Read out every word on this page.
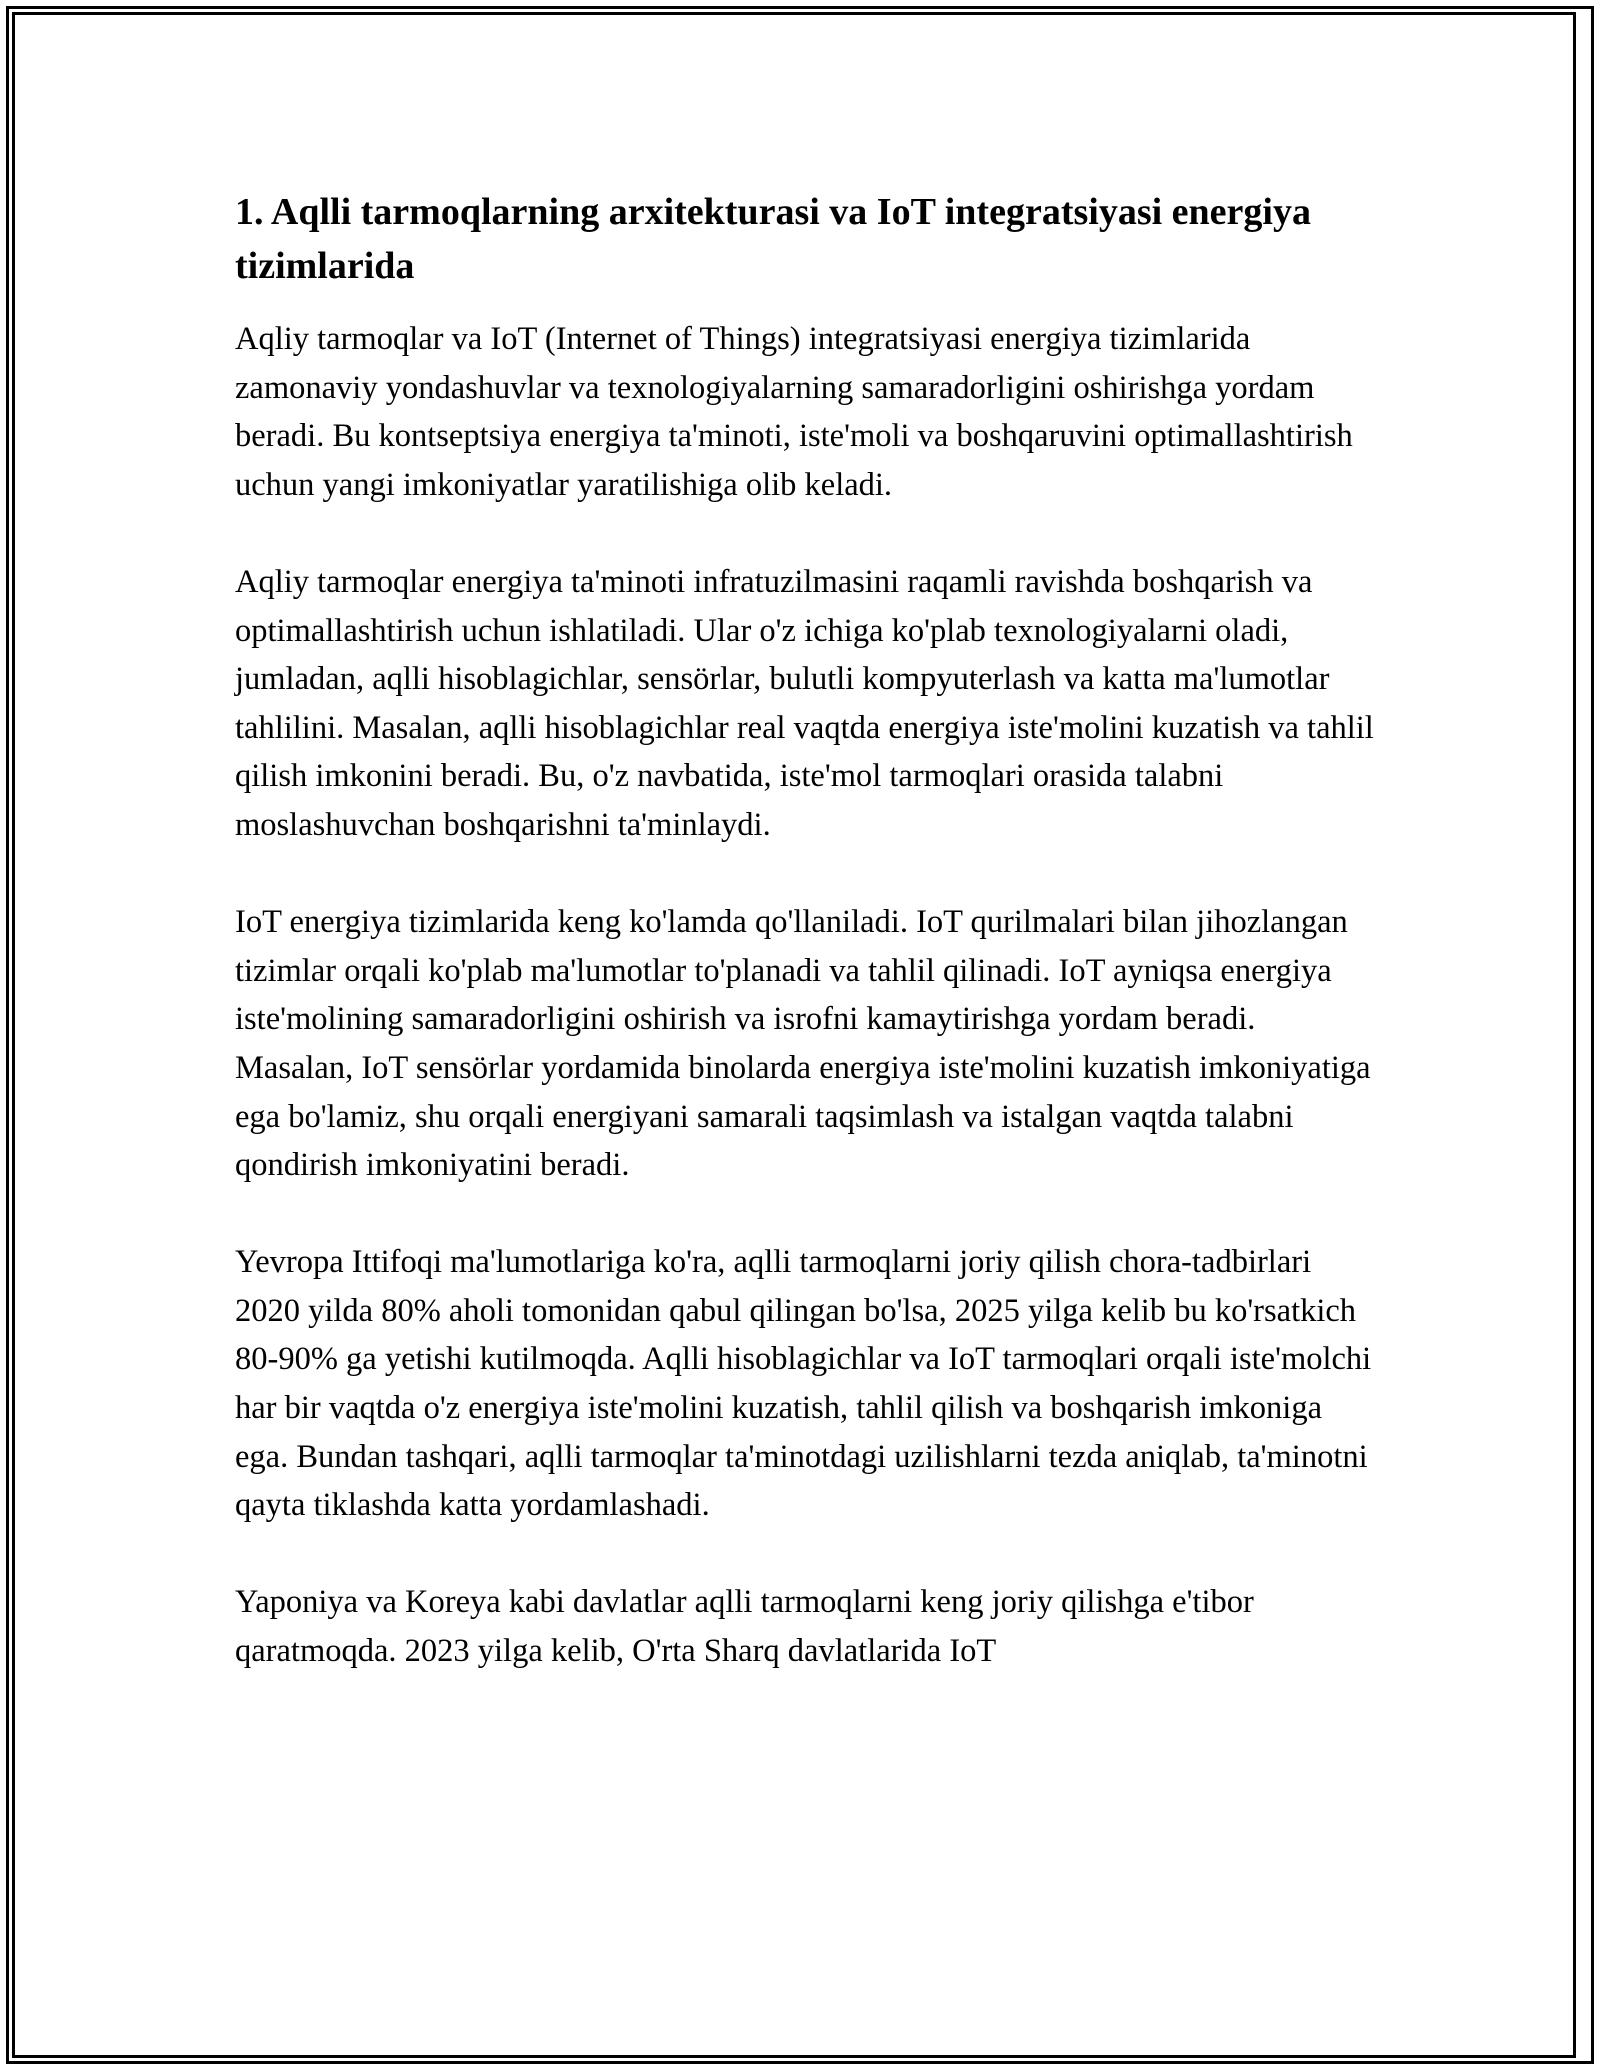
1. Aqlli tarmoqlarning arxitekturasi va IoT integratsiyasi energiya tizimlarida

Aqliy tarmoqlar va IoT (Internet of Things) integratsiyasi energiya tizimlarida zamonaviy yondashuvlar va texnologiyalarning samaradorligini oshirishga yordam beradi. Bu kontseptsiya energiya ta'minoti, iste'moli va boshqaruvini optimallashtirish uchun yangi imkoniyatlar yaratilishiga olib keladi.

Aqliy tarmoqlar energiya ta'minoti infratuzilmasini raqamli ravishda boshqarish va optimallashtirish uchun ishlatiladi. Ular o'z ichiga ko'plab texnologiyalarni oladi, jumladan, aqlli hisoblagichlar, sensörlar, bulutli kompyuterlash va katta ma'lumotlar tahlilini. Masalan, aqlli hisoblagichlar real vaqtda energiya iste'molini kuzatish va tahlil qilish imkonini beradi. Bu, o'z navbatida, iste'mol tarmoqlari orasida talabni moslashuvchan boshqarishni ta'minlaydi.

IoT energiya tizimlarida keng ko'lamda qo'llaniladi. IoT qurilmalari bilan jihozlangan tizimlar orqali ko'plab ma'lumotlar to'planadi va tahlil qilinadi. IoT ayniqsa energiya iste'molining samaradorligini oshirish va isrofni kamaytirishga yordam beradi. Masalan, IoT sensörlar yordamida binolarda energiya iste'molini kuzatish imkoniyatiga ega bo'lamiz, shu orqali energiyani samarali taqsimlash va istalgan vaqtda talabni qondirish imkoniyatini beradi.

Yevropa Ittifoqi ma'lumotlariga ko'ra, aqlli tarmoqlarni joriy qilish chora-tadbirlari 2020 yilda 80% aholi tomonidan qabul qilingan bo'lsa, 2025 yilga kelib bu ko'rsatkich 80-90% ga yetishi kutilmoqda. Aqlli hisoblagichlar va IoT tarmoqlari orqali iste'molchi har bir vaqtda o'z energiya iste'molini kuzatish, tahlil qilish va boshqarish imkoniga ega. Bundan tashqari, aqlli tarmoqlar ta'minotdagi uzilishlarni tezda aniqlab, ta'minotni qayta tiklashda katta yordamlashadi.

Yaponiya va Koreya kabi davlatlar aqlli tarmoqlarni keng joriy qilishga e'tibor qaratmoqda. 2023 yilga kelib, O'rta Sharq davlatlarida IoT
